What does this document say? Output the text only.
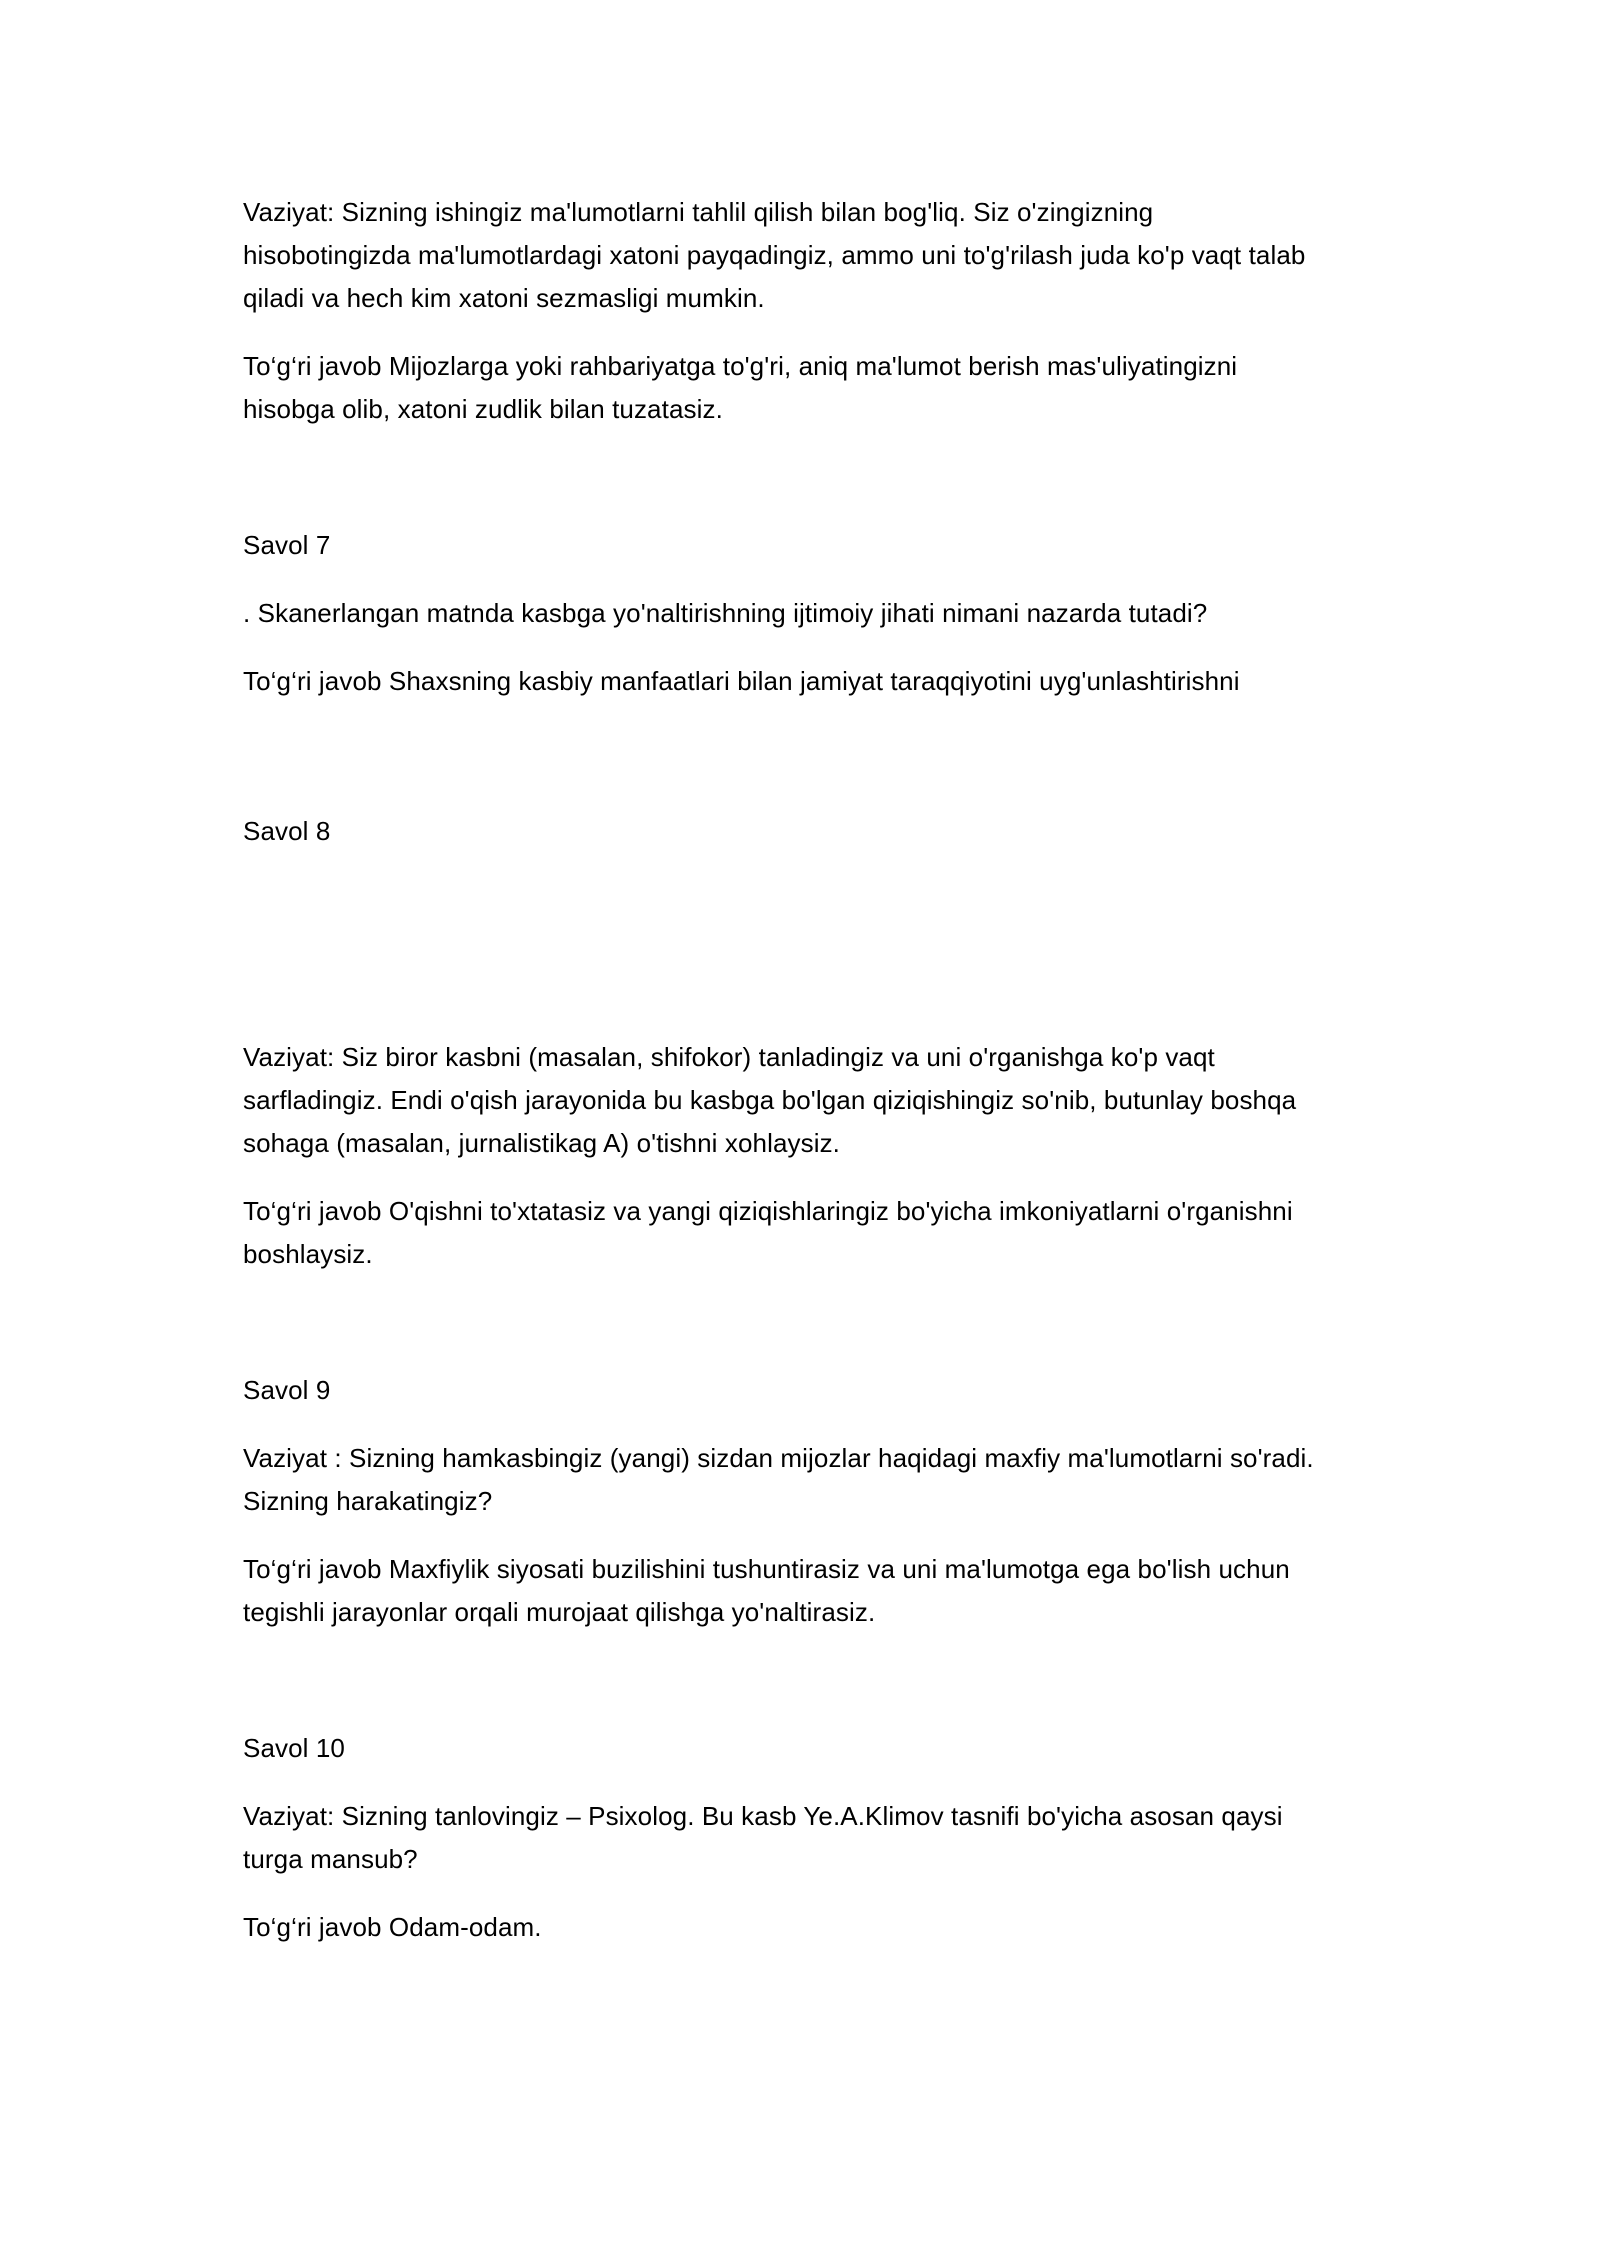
Vaziyat: Sizning ishingiz ma'lumotlarni tahlil qilish bilan bog'liq. Siz o'zingizning

hisobotingizda ma'lumotlardagi xatoni payqadingiz, ammo uni to'g'rilash juda ko'p vaqt talab

qiladi va hech kim xatoni sezmasligi mumkin.

To‘g‘ri javob Mijozlarga yoki rahbariyatga to'g'ri, aniq ma'lumot berish mas'uliyatingizni

hisobga olib, xatoni zudlik bilan tuzatasiz.

Savol 7

. Skanerlangan matnda kasbga yo'naltirishning ijtimoiy jihati nimani nazarda tutadi?

To‘g‘ri javob Shaxsning kasbiy manfaatlari bilan jamiyat taraqqiyotini uyg'unlashtirishni

Savol 8

Vaziyat: Siz biror kasbni (masalan, shifokor) tanladingiz va uni o'rganishga ko'p vaqt

sarfladingiz. Endi o'qish jarayonida bu kasbga bo'lgan qiziqishingiz so'nib, butunlay boshqa

sohaga (masalan, jurnalistikag A) o'tishni xohlaysiz.

To‘g‘ri javob O'qishni to'xtatasiz va yangi qiziqishlaringiz bo'yicha imkoniyatlarni o'rganishni

boshlaysiz.

Savol 9

Vaziyat : Sizning hamkasbingiz (yangi) sizdan mijozlar haqidagi maxfiy ma'lumotlarni so'radi.

Sizning harakatingiz?

To‘g‘ri javob Maxfiylik siyosati buzilishini tushuntirasiz va uni ma'lumotga ega bo'lish uchun

tegishli jarayonlar orqali murojaat qilishga yo'naltirasiz.

Savol 10

Vaziyat: Sizning tanlovingiz – Psixolog. Bu kasb Ye.A.Klimov tasnifi bo'yicha asosan qaysi

turga mansub?

To‘g‘ri javob Odam-odam.
